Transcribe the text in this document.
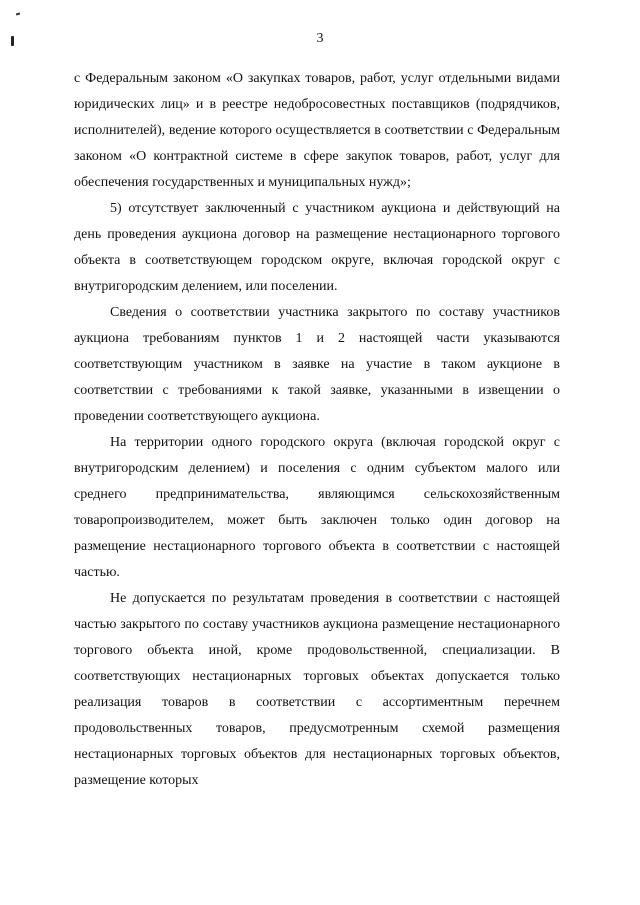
3

с Федеральным законом «О закупках товаров, работ, услуг отдельными видами юридических лиц» и в реестре недобросовестных поставщиков (подрядчиков, исполнителей), ведение которого осуществляется в соответствии с Федеральным законом «О контрактной системе в сфере закупок товаров, работ, услуг для обеспечения государственных и муниципальных нужд»;

5) отсутствует заключенный с участником аукциона и действующий на день проведения аукциона договор на размещение нестационарного торгового объекта в соответствующем городском округе, включая городской округ с внутригородским делением, или поселении.

Сведения о соответствии участника закрытого по составу участников аукциона требованиям пунктов 1 и 2 настоящей части указываются соответствующим участником в заявке на участие в таком аукционе в соответствии с требованиями к такой заявке, указанными в извещении о проведении соответствующего аукциона.

На территории одного городского округа (включая городской округ с внутригородским делением) и поселения с одним субъектом малого или среднего предпринимательства, являющимся сельскохозяйственным товаропроизводителем, может быть заключен только один договор на размещение нестационарного торгового объекта в соответствии с настоящей частью.

Не допускается по результатам проведения в соответствии с настоящей частью закрытого по составу участников аукциона размещение нестационарного торгового объекта иной, кроме продовольственной, специализации. В соответствующих нестационарных торговых объектах допускается только реализация товаров в соответствии с ассортиментным перечнем продовольственных товаров, предусмотренным схемой размещения нестационарных торговых объектов для нестационарных торговых объектов, размещение которых
